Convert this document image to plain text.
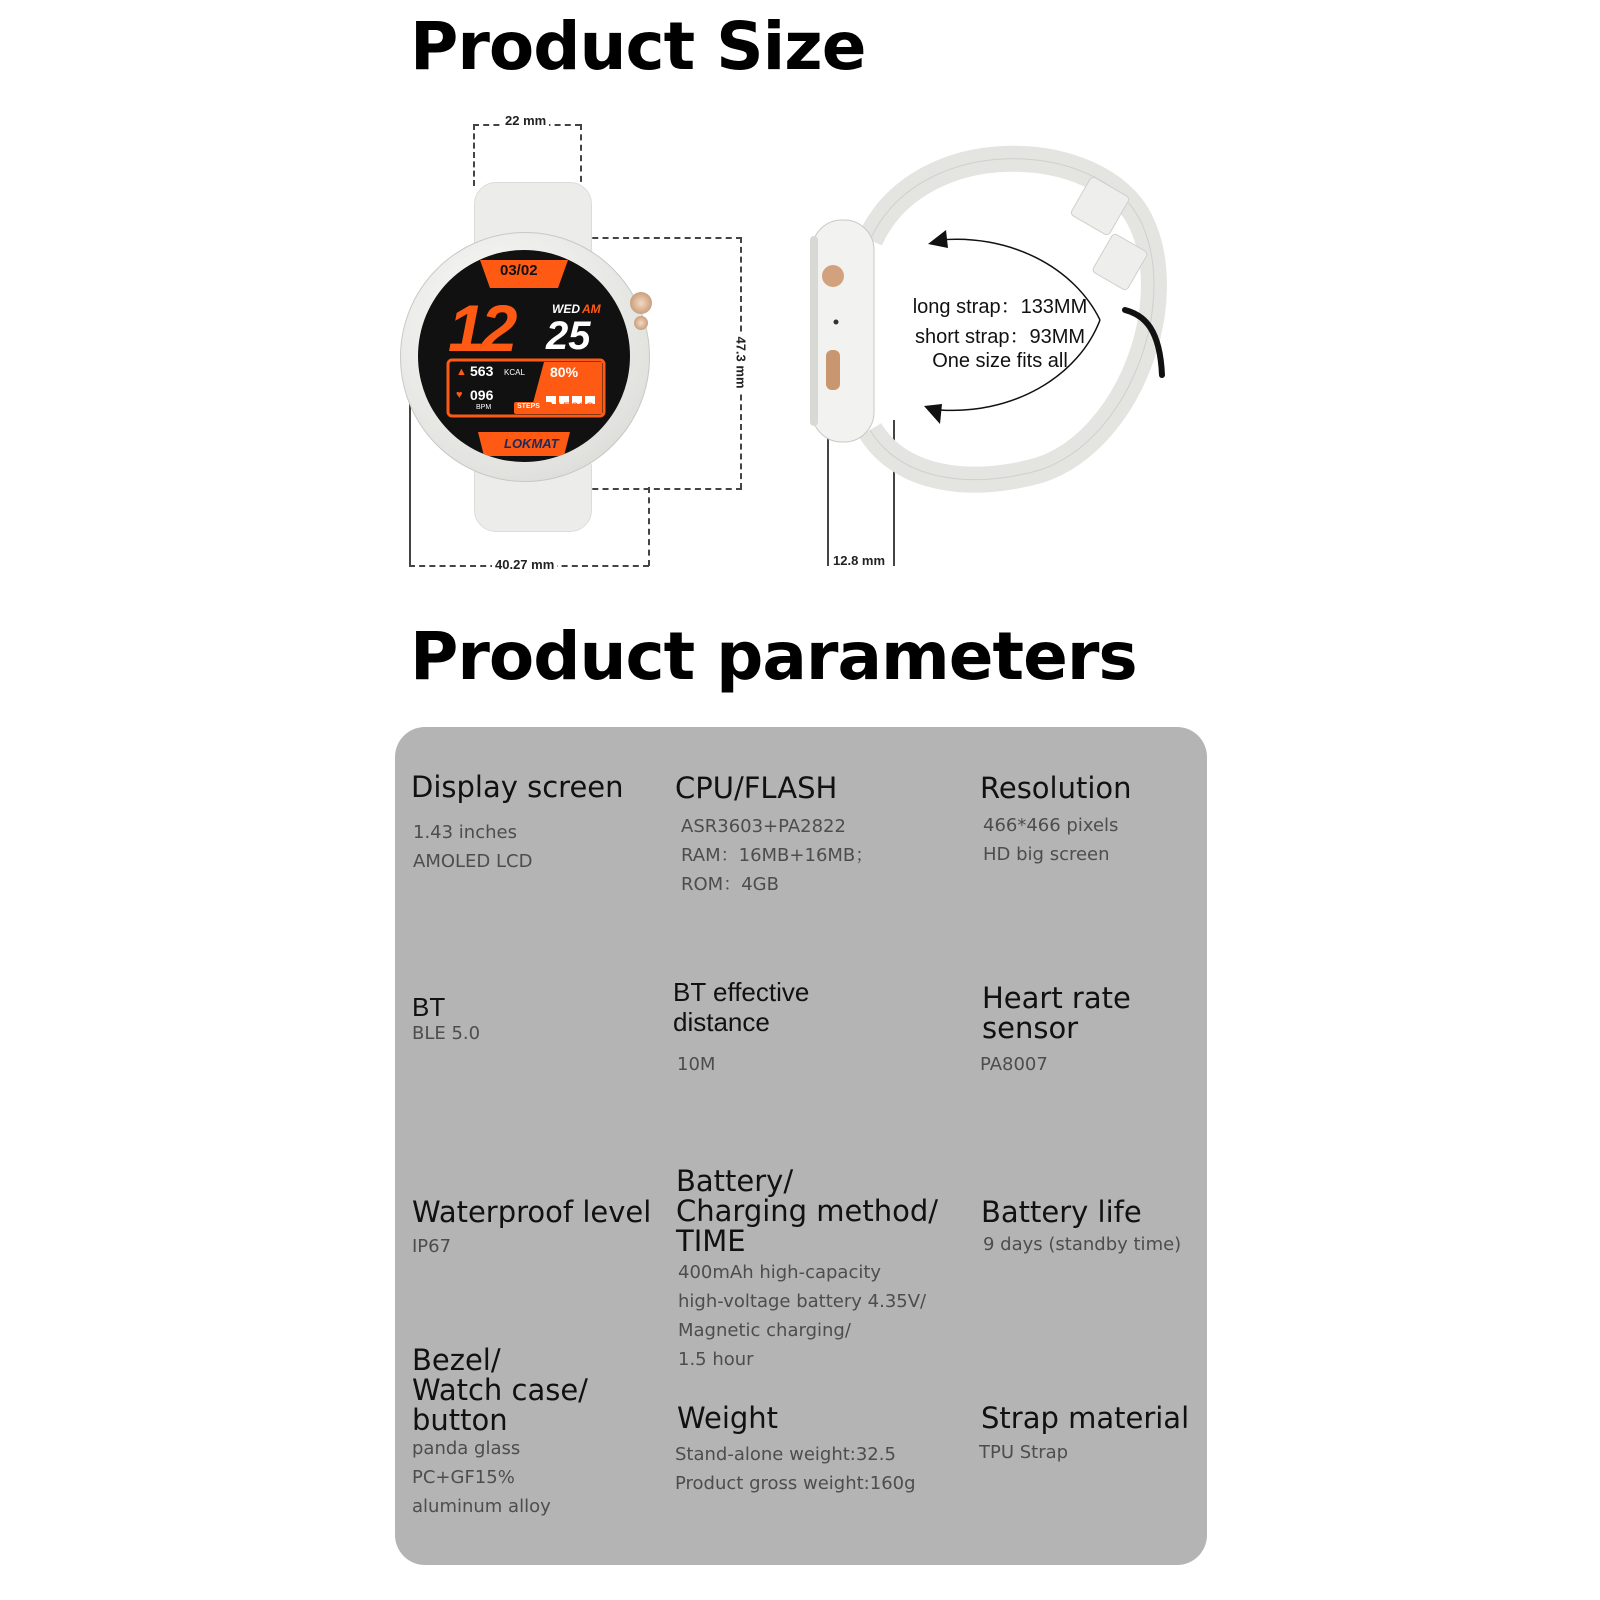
Product Size
22 mm
47.3 mm
40.27 mm	12.8 mm
03/02
12	WED AM
25
▲ 563 KCAL 80%
♥ 096
BPM	STEPS 15688
LOKMAT
long strap：133MM
short strap：93MM
One size fits all
Product parameters

Display screen

1.43 inches
AMOLED LCD

CPU/FLASH

ASR3603+PA2822
RAM：16MB+16MB；
ROM：4GB

Resolution

466*466 pixels
HD big screen

BT

BLE 5.0

BT effective
distance

10M

Heart rate
sensor

PA8007

Waterproof level

IP67

Battery/
Charging method/
TIME

400mAh high-capacity
high-voltage battery 4.35V/
Magnetic charging/
1.5 hour

Battery life

9 days (standby time)

Bezel/
Watch case/
button

panda glass
PC+GF15%
aluminum alloy

Weight

Stand-alone weight:32.5
Product gross weight:160g

Strap material

TPU Strap
